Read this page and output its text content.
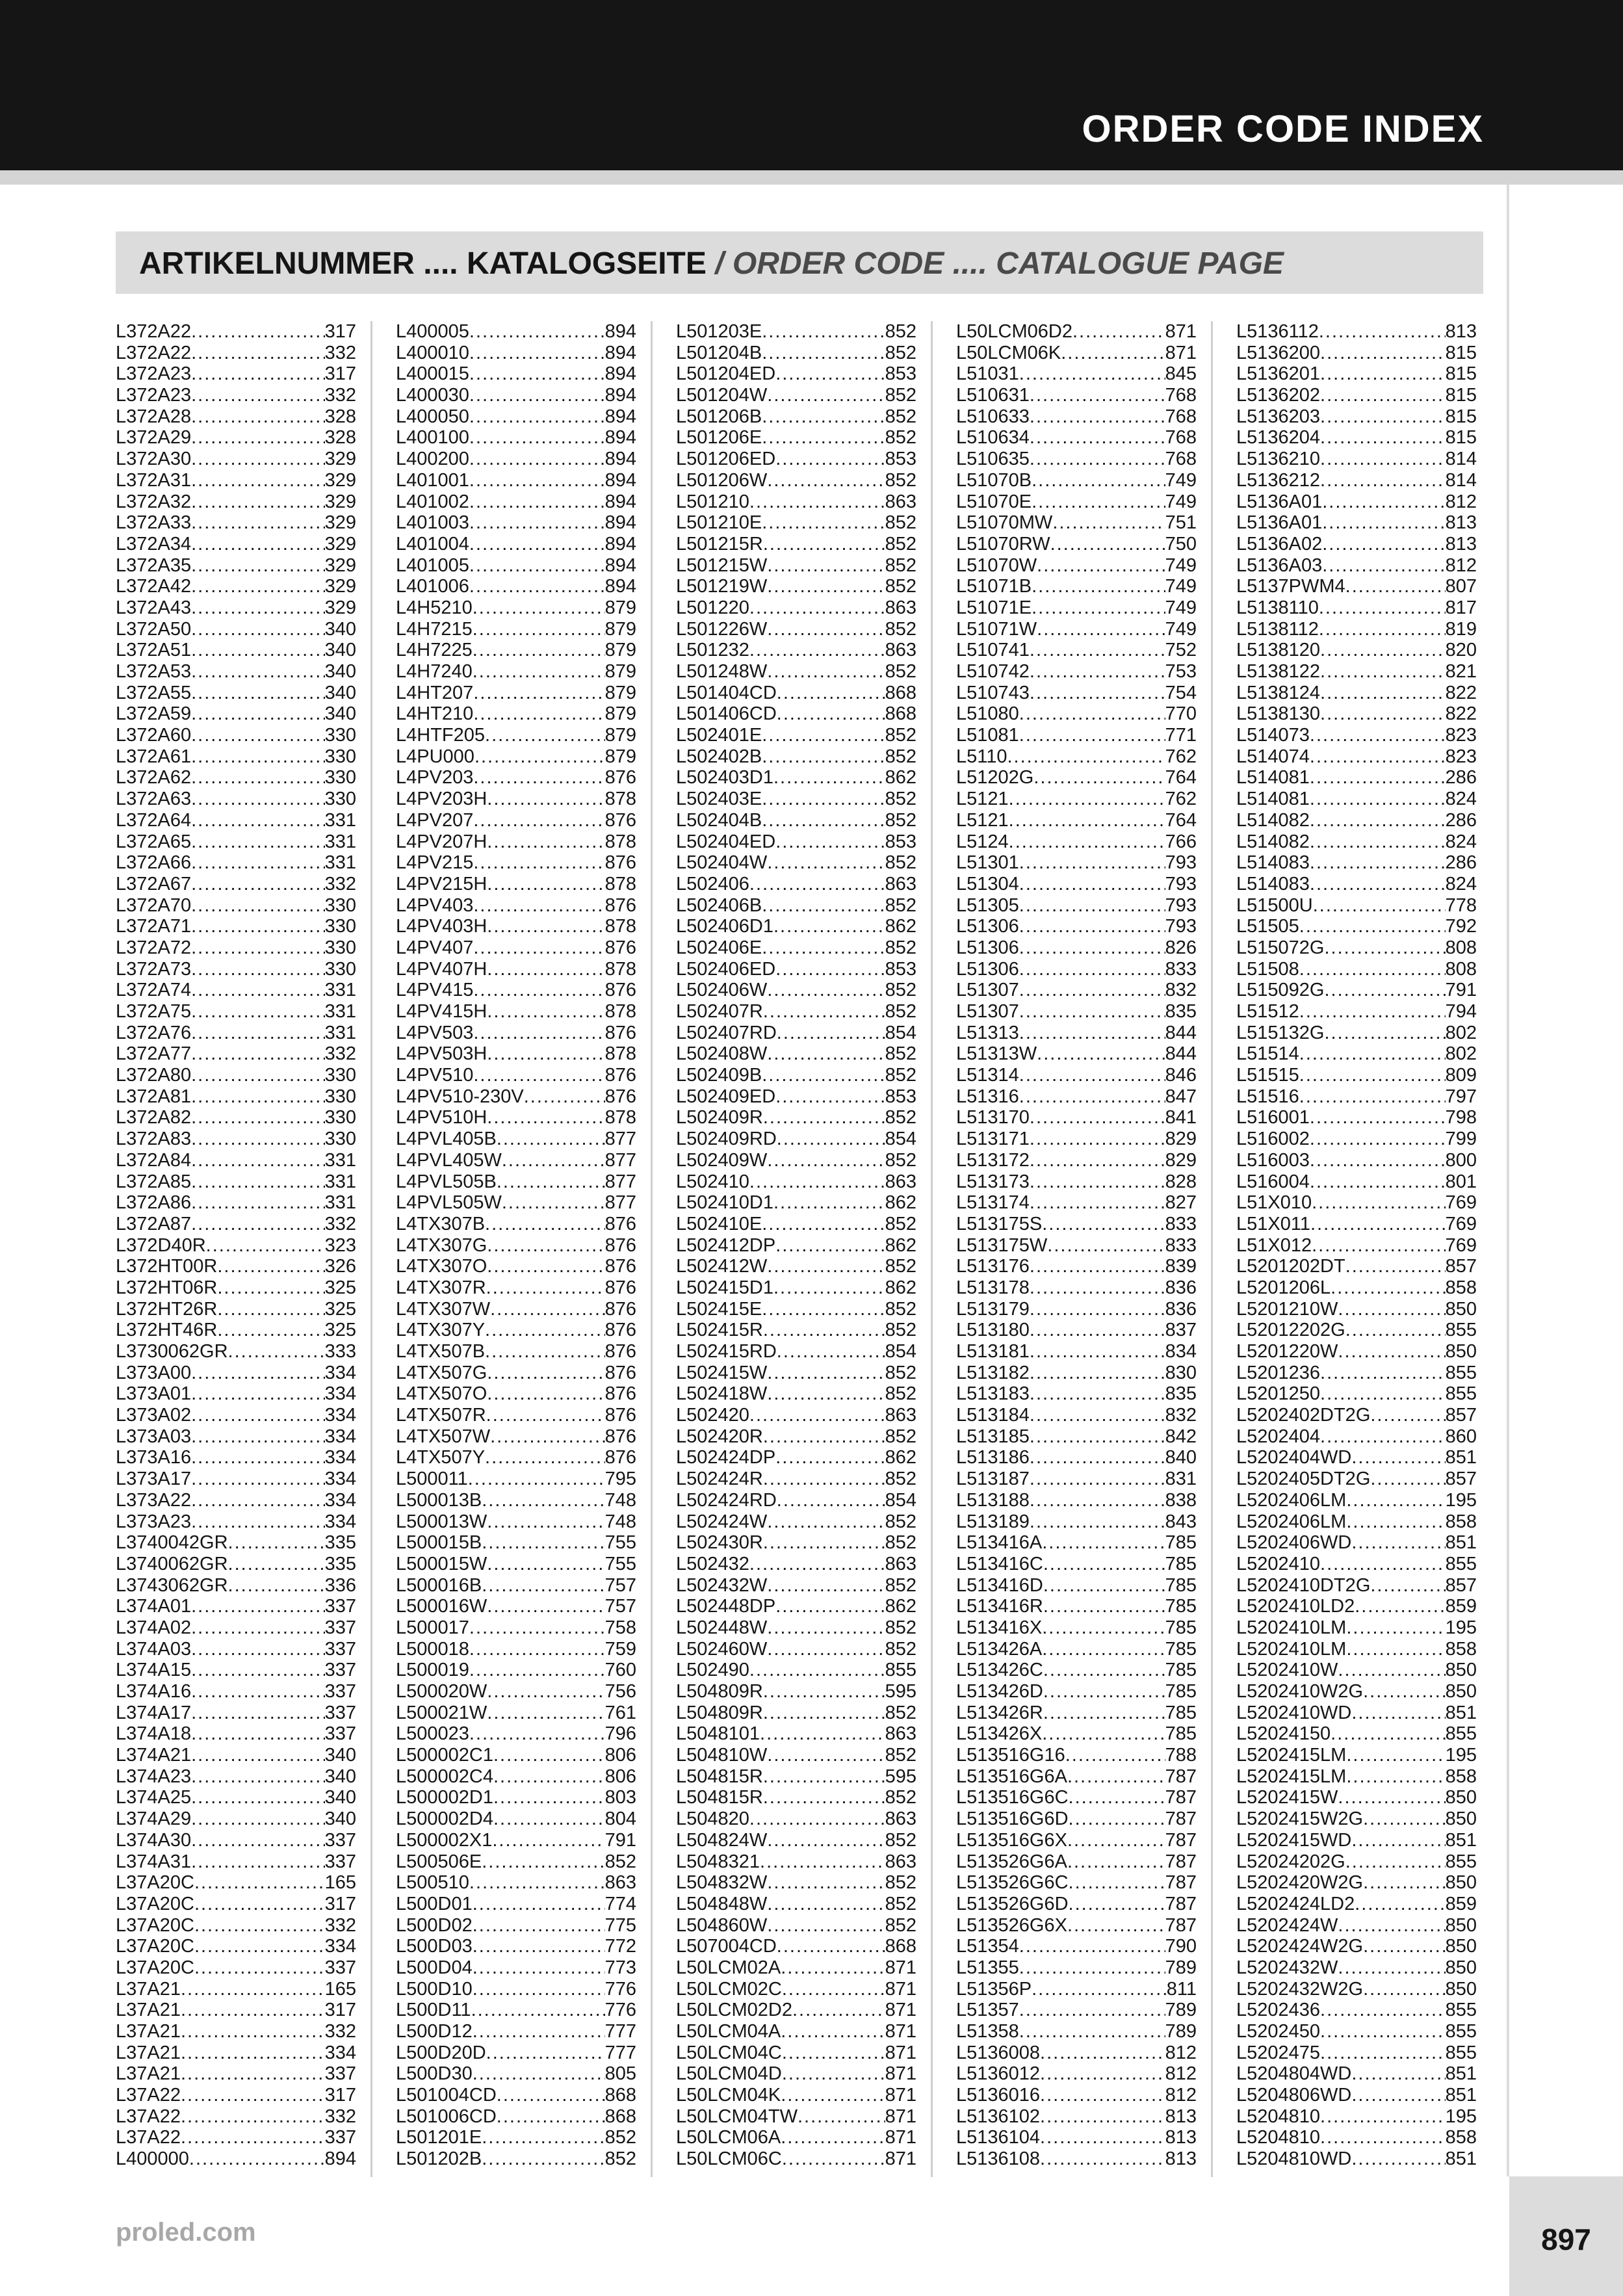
ORDER CODE INDEX
ARTIKELNUMMER .... KATALOGSEITE / ORDER CODE .... CATALOGUE PAGE
L372A22 .....	317
L372A22 .....	332
L372A23 .....	317
L372A23 .....	332
L372A28 .....	328
L372A29 .....	328
L372A30 .....	329
L372A31 .....	329
L372A32 .....	329
L372A33 .....	329
L372A34 .....	329
L372A35 .....	329
L372A42 .....	329
L372A43 .....	329
L372A50 .....	340
L372A51 .....	340
L372A53 .....	340
L372A55 .....	340
L372A59 .....	340
L372A60 .....	330
L372A61 .....	330
L372A62 .....	330
L372A63 .....	330
L372A64 .....	331
L372A65 .....	331
L372A66 .....	331
L372A67 .....	332
L372A70 .....	330
L372A71 .....	330
L372A72 .....	330
L372A73 .....	330
L372A74 .....	331
L372A75 .....	331
L372A76 .....	331
L372A77 .....	332
L372A80 .....	330
L372A81 .....	330
L372A82 .....	330
L372A83 .....	330
L372A84 .....	331
L372A85 .....	331
L372A86 .....	331
L372A87 .....	332
L372D40R .....	323
L372HT00R .....	326
L372HT06R .....	325
L372HT26R .....	325
L372HT46R .....	325
L3730062GR .....	333
L373A00 .....	334
L373A01 .....	334
L373A02 .....	334
L373A03 .....	334
L373A16 .....	334
L373A17 .....	334
L373A22 .....	334
L373A23 .....	334
L3740042GR .....	335
L3740062GR .....	335
L3743062GR .....	336
L374A01 .....	337
L374A02 .....	337
L374A03 .....	337
L374A15 .....	337
L374A16 .....	337
L374A17 .....	337
L374A18 .....	337
L374A21 .....	340
L374A23 .....	340
L374A25 .....	340
L374A29 .....	340
L374A30 .....	337
L374A31 .....	337
L37A20C .....	165
L37A20C .....	317
L37A20C .....	332
L37A20C .....	334
L37A20C .....	337
L37A21 .....	165
L37A21 .....	317
L37A21 .....	332
L37A21 .....	334
L37A21 .....	337
L37A22 .....	317
L37A22 .....	332
L37A22 .....	337
L400000 .....	894
L400005 .....	894
L400010 .....	894
L400015 .....	894
L400030 .....	894
L400050 .....	894
L400100 .....	894
L400200 .....	894
L401001 .....	894
L401002 .....	894
L401003 .....	894
L401004 .....	894
L401005 .....	894
L401006 .....	894
L4H5210 .....	879
L4H7215 .....	879
L4H7225 .....	879
L4H7240 .....	879
L4HT207 .....	879
L4HT210 .....	879
L4HTF205 .....	879
L4PU000 .....	879
L4PV203 .....	876
L4PV203H .....	878
L4PV207 .....	876
L4PV207H .....	878
L4PV215 .....	876
L4PV215H .....	878
L4PV403 .....	876
L4PV403H .....	878
L4PV407 .....	876
L4PV407H .....	878
L4PV415 .....	876
L4PV415H .....	878
L4PV503 .....	876
L4PV503H .....	878
L4PV510 .....	876
L4PV510-230V .....	876
L4PV510H .....	878
L4PVL405B .....	877
L4PVL405W .....	877
L4PVL505B .....	877
L4PVL505W .....	877
L4TX307B .....	876
L4TX307G .....	876
L4TX307O .....	876
L4TX307R .....	876
L4TX307W .....	876
L4TX307Y .....	876
L4TX507B .....	876
L4TX507G .....	876
L4TX507O .....	876
L4TX507R .....	876
L4TX507W .....	876
L4TX507Y .....	876
L500011 .....	795
L500013B .....	748
L500013W .....	748
L500015B .....	755
L500015W .....	755
L500016B .....	757
L500016W .....	757
L500017 .....	758
L500018 .....	759
L500019 .....	760
L500020W .....	756
L500021W .....	761
L500023 .....	796
L500002C1 .....	806
L500002C4 .....	806
L500002D1 .....	803
L500002D4 .....	804
L500002X1 .....	791
L500506E .....	852
L500510 .....	863
L500D01 .....	774
L500D02 .....	775
L500D03 .....	772
L500D04 .....	773
L500D10 .....	776
L500D11 .....	776
L500D12 .....	777
L500D20D .....	777
L500D30 .....	805
L501004CD .....	868
L501006CD .....	868
L501201E .....	852
L501202B .....	852
L501203E .....	852
L501204B .....	852
L501204ED .....	853
L501204W .....	852
L501206B .....	852
L501206E .....	852
L501206ED .....	853
L501206W .....	852
L501210 .....	863
L501210E .....	852
L501215R .....	852
L501215W .....	852
L501219W .....	852
L501220 .....	863
L501226W .....	852
L501232 .....	863
L501248W .....	852
L501404CD .....	868
L501406CD .....	868
L502401E .....	852
L502402B .....	852
L502403D1 .....	862
L502403E .....	852
L502404B .....	852
L502404ED .....	853
L502404W .....	852
L502406 .....	863
L502406B .....	852
L502406D1 .....	862
L502406E .....	852
L502406ED .....	853
L502406W .....	852
L502407R .....	852
L502407RD .....	854
L502408W .....	852
L502409B .....	852
L502409ED .....	853
L502409R .....	852
L502409RD .....	854
L502409W .....	852
L502410 .....	863
L502410D1 .....	862
L502410E .....	852
L502412DP .....	862
L502412W .....	852
L502415D1 .....	862
L502415E .....	852
L502415R .....	852
L502415RD .....	854
L502415W .....	852
L502418W .....	852
L502420 .....	863
L502420R .....	852
L502424DP .....	862
L502424R .....	852
L502424RD .....	854
L502424W .....	852
L502430R .....	852
L502432 .....	863
L502432W .....	852
L502448DP .....	862
L502448W .....	852
L502460W .....	852
L502490 .....	855
L504809R .....	595
L504809R .....	852
L5048101 .....	863
L504810W .....	852
L504815R .....	595
L504815R .....	852
L504820 .....	863
L504824W .....	852
L5048321 .....	863
L504832W .....	852
L504848W .....	852
L504860W .....	852
L507004CD .....	868
L50LCM02A .....	871
L50LCM02C .....	871
L50LCM02D2 .....	871
L50LCM04A .....	871
L50LCM04C .....	871
L50LCM04D .....	871
L50LCM04K .....	871
L50LCM04TW .....	871
L50LCM06A .....	871
L50LCM06C .....	871
L50LCM06D2 .....	871
L50LCM06K .....	871
L51031 .....	845
L510631 .....	768
L510633 .....	768
L510634 .....	768
L510635 .....	768
L51070B .....	749
L51070E .....	749
L51070MW .....	751
L51070RW .....	750
L51070W .....	749
L51071B .....	749
L51071E .....	749
L51071W .....	749
L510741 .....	752
L510742 .....	753
L510743 .....	754
L51080 .....	770
L51081 .....	771
L5110 .....	762
L51202G .....	764
L5121 .....	762
L5121 .....	764
L5124 .....	766
L51301 .....	793
L51304 .....	793
L51305 .....	793
L51306 .....	793
L51306 .....	826
L51306 .....	833
L51307 .....	832
L51307 .....	835
L51313 .....	844
L51313W .....	844
L51314 .....	846
L51316 .....	847
L513170 .....	841
L513171 .....	829
L513172 .....	829
L513173 .....	828
L513174 .....	827
L513175S .....	833
L513175W .....	833
L513176 .....	839
L513178 .....	836
L513179 .....	836
L513180 .....	837
L513181 .....	834
L513182 .....	830
L513183 .....	835
L513184 .....	832
L513185 .....	842
L513186 .....	840
L513187 .....	831
L513188 .....	838
L513189 .....	843
L513416A .....	785
L513416C .....	785
L513416D .....	785
L513416R .....	785
L513416X .....	785
L513426A .....	785
L513426C .....	785
L513426D .....	785
L513426R .....	785
L513426X .....	785
L513516G16 .....	788
L513516G6A .....	787
L513516G6C .....	787
L513516G6D .....	787
L513516G6X .....	787
L513526G6A .....	787
L513526G6C .....	787
L513526G6D .....	787
L513526G6X .....	787
L51354 .....	790
L51355 .....	789
L51356P .....	811
L51357 .....	789
L51358 .....	789
L5136008 .....	812
L5136012 .....	812
L5136016 .....	812
L5136102 .....	813
L5136104 .....	813
L5136108 .....	813
L5136112 .....	813
L5136200 .....	815
L5136201 .....	815
L5136202 .....	815
L5136203 .....	815
L5136204 .....	815
L5136210 .....	814
L5136212 .....	814
L5136A01 .....	812
L5136A01 .....	813
L5136A02 .....	813
L5136A03 .....	812
L5137PWM4 .....	807
L5138110 .....	817
L5138112 .....	819
L5138120 .....	820
L5138122 .....	821
L5138124 .....	822
L5138130 .....	822
L514073 .....	823
L514074 .....	823
L514081 .....	286
L514081 .....	824
L514082 .....	286
L514082 .....	824
L514083 .....	286
L514083 .....	824
L51500U .....	778
L51505 .....	792
L515072G .....	808
L51508 .....	808
L515092G .....	791
L51512 .....	794
L515132G .....	802
L51514 .....	802
L51515 .....	809
L51516 .....	797
L516001 .....	798
L516002 .....	799
L516003 .....	800
L516004 .....	801
L51X010 .....	769
L51X011 .....	769
L51X012 .....	769
L5201202DT .....	857
L5201206L .....	858
L5201210W .....	850
L52012202G .....	855
L5201220W .....	850
L5201236 .....	855
L5201250 .....	855
L5202402DT2G .....	857
L5202404 .....	860
L5202404WD .....	851
L5202405DT2G .....	857
L5202406LM .....	195
L5202406LM .....	858
L5202406WD .....	851
L5202410 .....	855
L5202410DT2G .....	857
L5202410LD2 .....	859
L5202410LM .....	195
L5202410LM .....	858
L5202410W .....	850
L5202410W2G .....	850
L5202410WD .....	851
L52024150 .....	855
L5202415LM .....	195
L5202415LM .....	858
L5202415W .....	850
L5202415W2G .....	850
L5202415WD .....	851
L52024202G .....	855
L5202420W2G .....	850
L5202424LD2 .....	859
L5202424W .....	850
L5202424W2G .....	850
L5202432W .....	850
L5202432W2G .....	850
L5202436 .....	855
L5202450 .....	855
L5202475 .....	855
L5204804WD .....	851
L5204806WD .....	851
L5204810 .....	195
L5204810 .....	858
L5204810WD .....	851
proled.com	897
